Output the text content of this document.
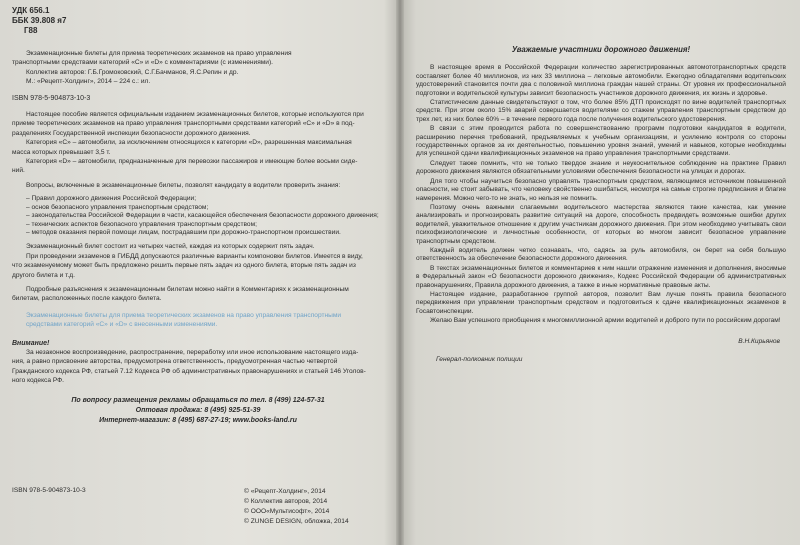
УДК 656.1
ББК 39.808 я7
Г88

Экзаменационные билеты для приема теоретических экзаменов на право управления

транспортными средствами категорий «С» и «D» с комментариями (с изменениями).

Коллектив авторов: Г.Б.Громоковский, С.Г.Бачманов, Я.С.Репин и др.

М.: «Рецепт-Холдинг», 2014 – 224 с.: ил.

ISBN 978-5-904873-10-3

Настоящее пособие является официальным изданием экзаменационных билетов, которые используются при

приеме теоретических экзаменов на право управления транспортными средствами категорий «С» и «D» в под-

разделениях Государственной инспекции безопасности дорожного движения.

Категория «С» – автомобили, за исключением относящихся к категории «D», разрешенная максимальная

масса которых превышает 3,5 т.

Категория «D» – автомобили, предназначенные для перевозки пассажиров и имеющие более восьми сиде-

ний.

Вопросы, включенные в экзаменационные билеты, позволят кандидату в водители проверить знания:

– Правил дорожного движения Российской Федерации;
– основ безопасного управления транспортным средством;
– законодательства Российской Федерации в части, касающейся обеспечения безопасности дорожного движения;
– технических аспектов безопасного управления транспортным средством;
– методов оказания первой помощи лицам, пострадавшим при дорожно-транспортном происшествии.

Экзаменационный билет состоит из четырех частей, каждая из которых содержит пять задач.

При проведении экзаменов в ГИБДД допускаются различные варианты компоновки билетов. Имеется в виду,

что экзаменуемому может быть предложено решить первые пять задач из одного билета, вторые пять задач из

другого билета и т.д.

Подробные разъяснения к экзаменационным билетам можно найти в Комментариях к экзаменационным

билетам, расположенных после каждого билета.

Экзаменационные билеты для приема теоретических экзаменов на право управления транспортными

средствами категорий «С» и «D» с внесенными изменениями.

Внимание!

За незаконное воспроизведение, распространение, переработку или иное использование настоящего изда-

ния, а равно присвоение авторства, предусмотрена ответственность, предусмотренная частью четвертой

Гражданского кодекса РФ, статьей 7.12 Кодекса РФ об административных правонарушениях и статьей 146 Уголов-

ного кодекса РФ.

По вопросу размещения рекламы обращаться по тел. 8 (499) 124-57-31

Оптовая продажа: 8 (495) 925-51-39

Интернет-магазин: 8 (495) 687-27-19; www.books-land.ru

ISBN 978-5-904873-10-3	© «Рецепт-Холдинг», 2014

© Коллектив авторов, 2014

© ООО«Мультисофт», 2014

© ZUNGE DESIGN, обложка, 2014

Уважаемые участники дорожного движения!

В настоящее время в Российской Федерации количество зарегистрированных автомототранспортных средств составляет более 40 миллионов, из них 33 миллиона – легковые автомобили. Ежегодно обладателями водительских удостоверений становится почти два с половиной миллиона граждан нашей страны. От уровня их профессиональной подготовки и водительской культуры зависит безопасность участников дорожного движения, их жизнь и здоровье.

Статистические данные свидетельствуют о том, что более 85% ДТП происходят по вине водителей транспортных средств. При этом около 15% аварий совершается водителями со стажем управления транспортным средством до трех лет, из них более 60% – в течение первого года после получения водительского удостоверения.

В связи с этим проводится работа по совершенствованию программ подготовки кандидатов в водители, расширению перечня требований, предъявляемых к учебным организациям, и усилению контроля со стороны государственных органов за их деятельностью, повышению уровня знаний, умений и навыков, которые необходимы для успешной сдачи квалификационных экзаменов на право управления транспортными средствами.

Следует также помнить, что не только твердое знание и неукоснительное соблюдение на практике Правил дорожного движения являются обязательными условиями обеспечения безопасности на улицах и дорогах.

Для того чтобы научиться безопасно управлять транспортным средством, являющимся источником повышенной опасности, не стоит забывать, что человеку свойственно ошибаться, несмотря на самые строгие предписания и благие намерения. Можно чего-то не знать, но нельзя не помнить.

Поэтому очень важными слагаемыми водительского мастерства являются такие качества, как умение анализировать и прогнозировать развитие ситуаций на дороге, способность предвидеть возможные ошибки других водителей, уважительное отношение к другим участникам дорожного движения. При этом необходимо учитывать свои психофизиологические и личностные особенности, от которых во многом зависит безопасное управление транспортным средством.

Каждый водитель должен четко сознавать, что, садясь за руль автомобиля, он берет на себя большую ответственность за обеспечение безопасности дорожного движения.

В текстах экзаменационных билетов и комментариев к ним нашли отражение изменения и дополнения, вносимые в Федеральный закон «О безопасности дорожного движения», Кодекс Российской Федерации об административных правонарушениях, Правила дорожного движения, а также в иные нормативные правовые акты.

Настоящее издание, разработанное группой авторов, позволит Вам лучше понять правила безопасного передвижения при управлении транспортным средством и подготовиться к сдаче квалификационных экзаменов в Госавтоинспекции.

Желаю Вам успешного приобщения к многомиллионной армии водителей и доброго пути по российским дорогам!

В.Н.Кирьянов

Генерал-полковник полиции
